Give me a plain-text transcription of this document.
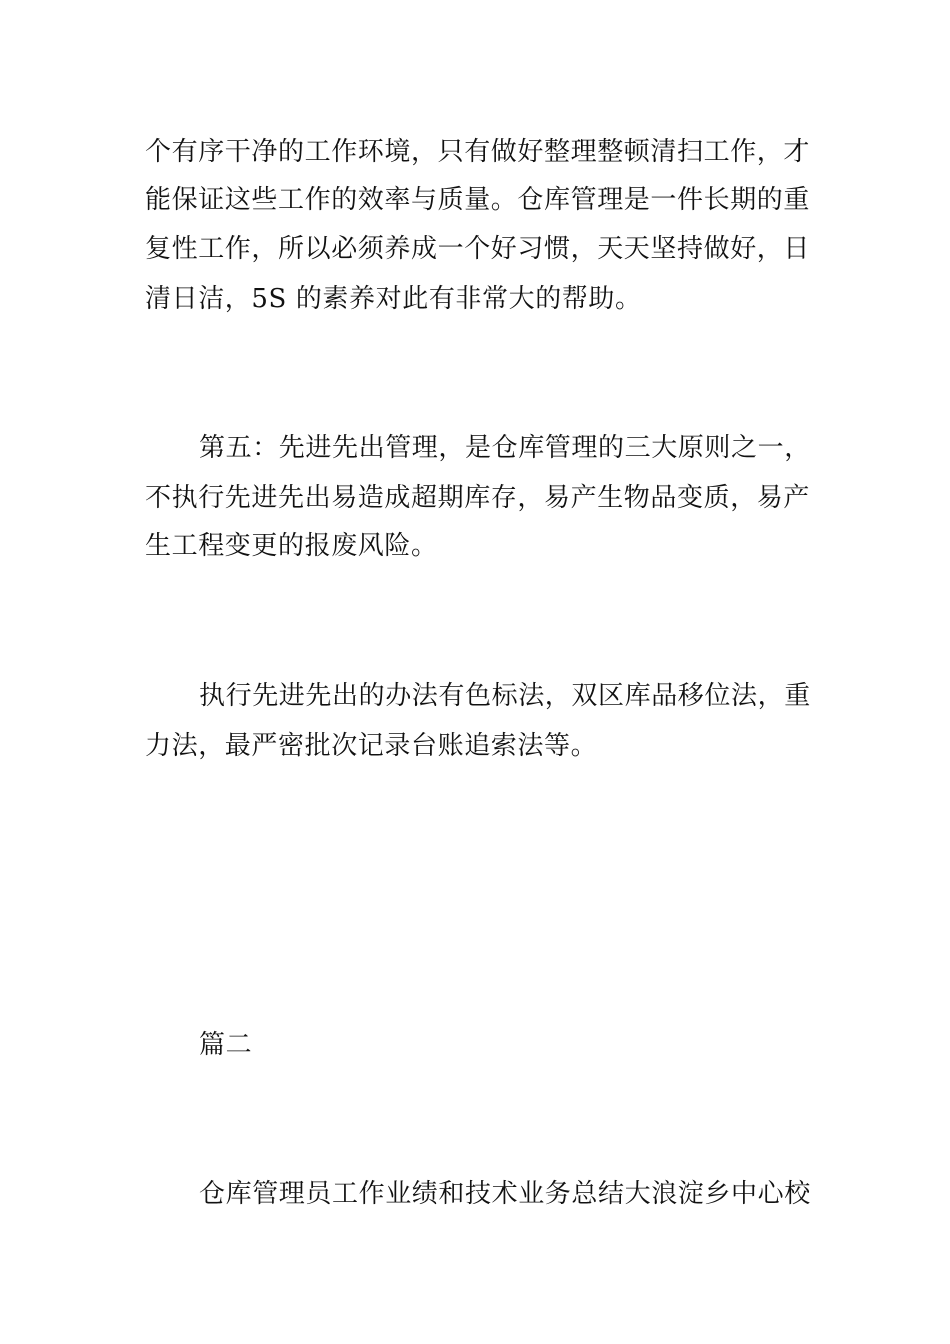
个有序干净的工作环境，只有做好整理整顿清扫工作，才
能保证这些工作的效率与质量。仓库管理是一件长期的重
复性工作，所以必须养成一个好习惯，天天坚持做好，日
清日洁，5S 的素养对此有非常大的帮助。
第五：先进先出管理，是仓库管理的三大原则之一，
不执行先进先出易造成超期库存，易产生物品变质，易产
生工程变更的报废风险。
执行先进先出的办法有色标法，双区库品移位法，重
力法，最严密批次记录台账追索法等。
篇二
仓库管理员工作业绩和技术业务总结大浪淀乡中心校
